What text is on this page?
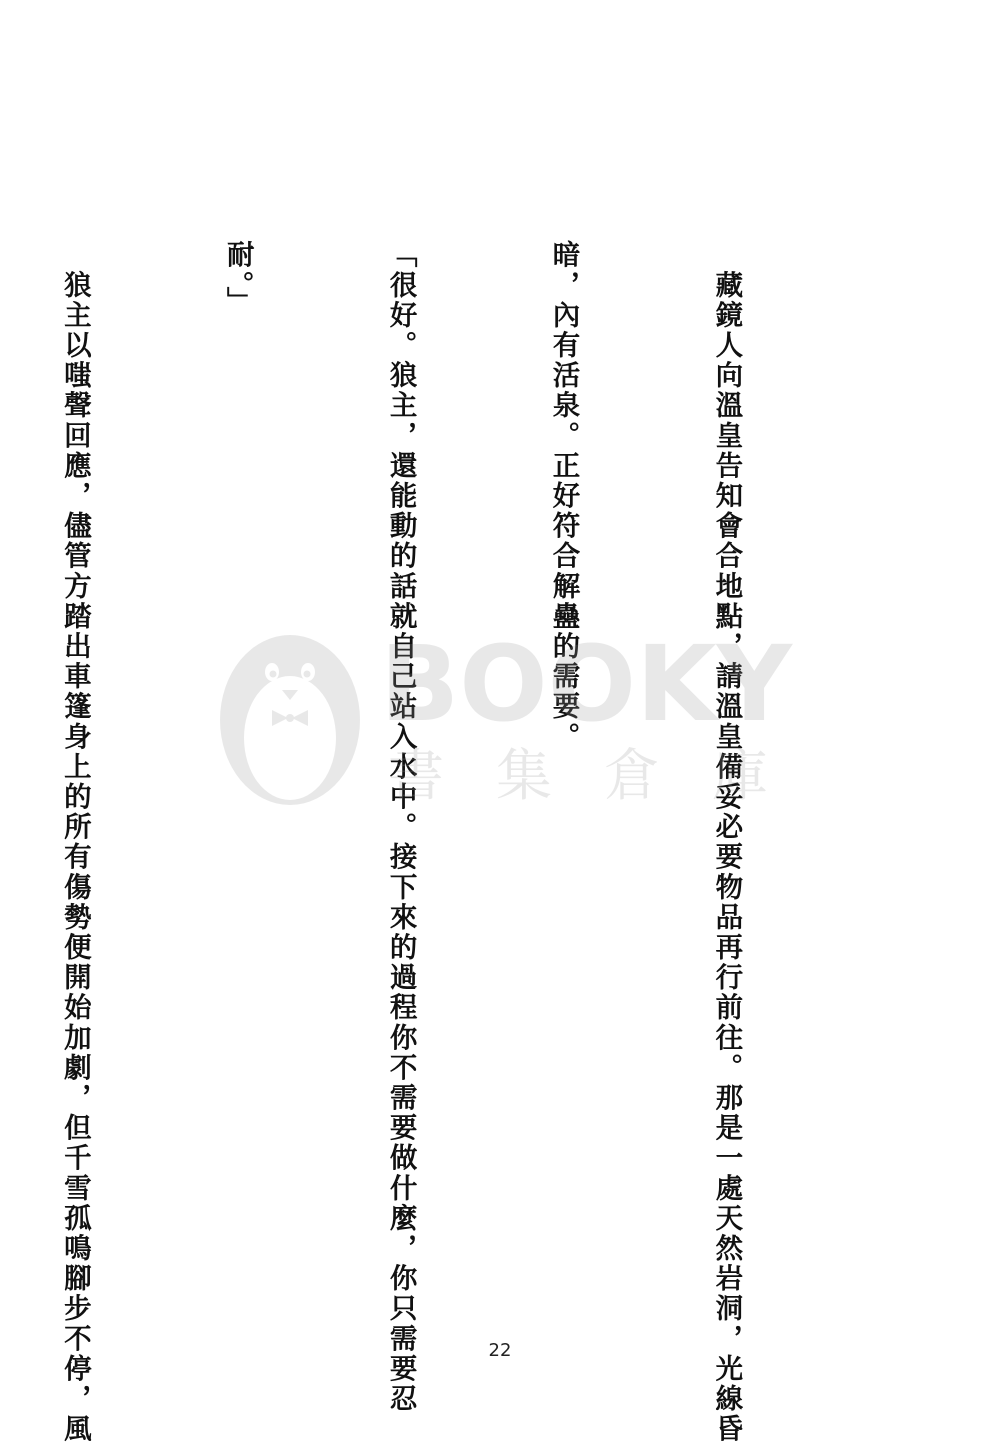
　藏鏡人向溫皇告知會合地點，請溫皇備妥必要物品再行前往。那是一處天然岩洞，光線昏

暗，內有活泉。正好符合解蠱的需要。

「很好。狼主，還能動的話就自己站入水中。接下來的過程你不需要做什麼，你只需要忍

耐。」

　狼主以嗤聲回應，儘管方踏出車篷身上的所有傷勢便開始加劇，但千雪孤鳴腳步不停，風

	BOOKY
書集倉庫
22
